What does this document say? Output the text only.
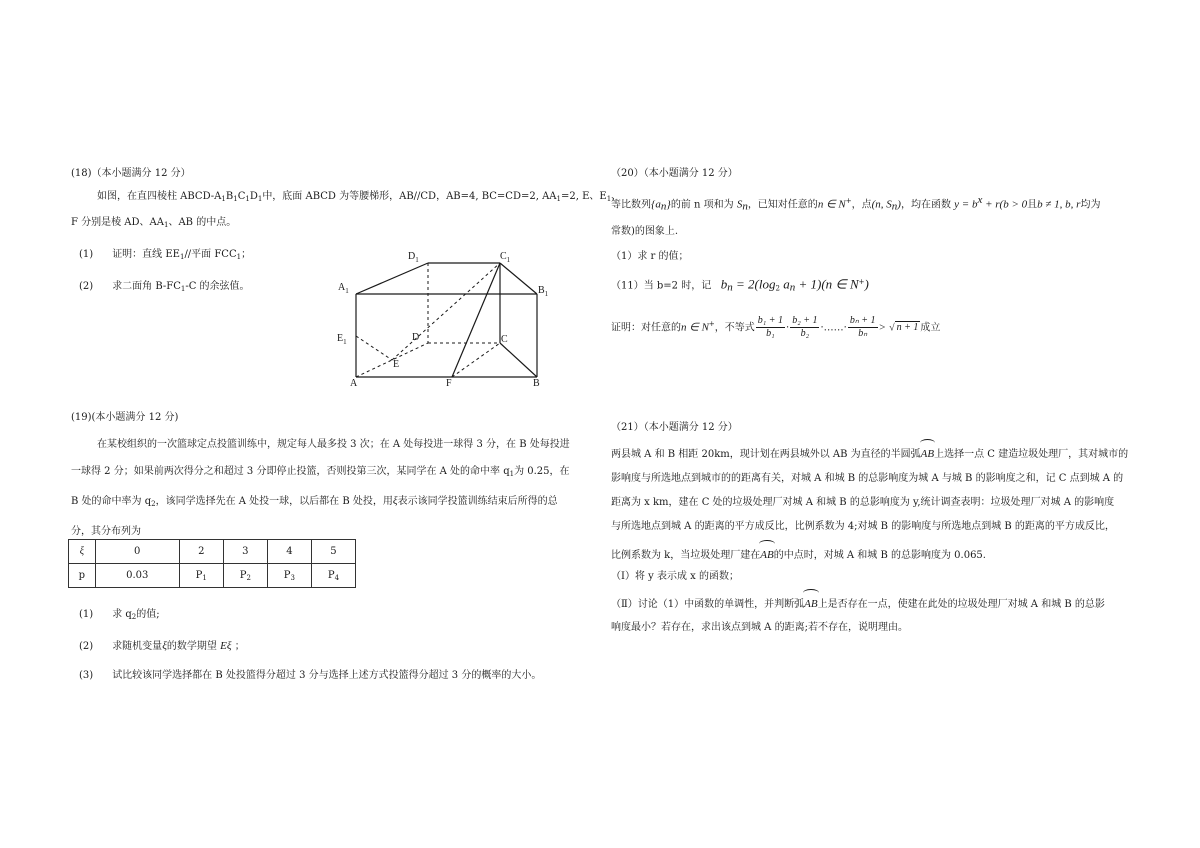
(18)（本小题满分 12 分）

如图，在直四棱柱 ABCD-$A_1B_1C_1D_1$中，底面 ABCD 为等腰梯形，AB//CD，AB=4, BC=CD=2, $AA_1=2$, E、$E_1$、

F 分别是棱 AD、$AA_1$、AB 的中点。

(1) 证明：直线 $EE_1//$平面 $FCC_1$；

(2) 求二面角 $B-FC_1-C$ 的余弦值。

$D_1$	$C_1$
$A_1$	$B_1$
$E_1$	D	C
E
A	F	B

(19)(本小题满分 12 分)

在某校组织的一次篮球定点投篮训练中，规定每人最多投 3 次；在 A 处每投进一球得 3 分，在 B 处每投进

一球得 2 分；如果前两次得分之和超过 3 分即停止投篮，否则投第三次，某同学在 A 处的命中率 $q_1$为 0.25，在

B 处的命中率为 $q_2$，该同学选择先在 A 处投一球，以后都在 B 处投，用ξ表示该同学投篮训练结束后所得的总

分，其分布列为

ξ	0	2	3	4	5
p	0.03	$P_1$	$P_2$	$P_3$	$P_4$

(1) 求 $q_2$的值;

(2) 求随机变量ξ的数学期望 Eξ ；

(3) 试比较该同学选择都在 B 处投篮得分超过 3 分与选择上述方式投篮得分超过 3 分的概率的大小。

（20）（本小题满分 12 分）

等比数列$\{a_n\}$的前 n 项和为 $S_n$，已知对任意的n ∈ N+，点(n, $S_n$)，均在函数 $y = b^x + r(b > 0$且b ≠ 1, b, r均为

常数)的图象上.

（1）求 r 的值；

（11）当 b=2 时，记 $b_n = 2(\log_2$ $a_n + 1)(n$ ∈ N+)

证明：对任意的n ∈ N+，不等式 $\frac{\text{b₁ + 1}}{\text{b₁}} \cdot \frac{\text{b₂ + 1}}{\text{b₂}}$ ·……· $\frac{\text{bₙ + 1}}{\text{bₙ}}$ > √ n + 1 成立

（21）（本小题满分 12 分）

两县城 A 和 B 相距 20km，现计划在两县城外以 AB 为直径的半圆弧AB上选择一点 C 建造垃圾处理厂，其对城市的

影响度与所选地点到城市的的距离有关，对城 A 和城 B 的总影响度为城 A 与城 B 的影响度之和，记 C 点到城 A 的

距离为 x km，建在 C 处的垃圾处理厂对城 A 和城 B 的总影响度为 y,统计调查表明：垃圾处理厂对城 A 的影响度

与所选地点到城 A 的距离的平方成反比，比例系数为 4;对城 B 的影响度与所选地点到城 B 的距离的平方成反比，

比例系数为 k，当垃圾处理厂建在AB的中点时，对城 A 和城 B 的总影响度为 0.065.

（Ⅰ）将 y 表示成 x 的函数；

（Ⅱ）讨论（1）中函数的单调性，并判断弧AB上是否存在一点，使建在此处的垃圾处理厂对城 A 和城 B 的总影

响度最小？若存在，求出该点到城 A 的距离;若不存在，说明理由。
